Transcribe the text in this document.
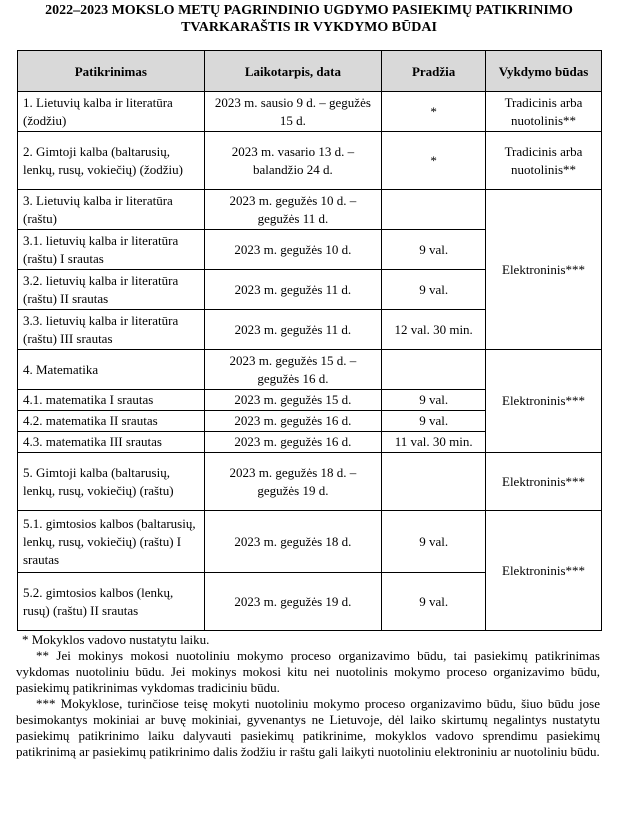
2022–2023 MOKSLO METŲ PAGRINDINIO UGDYMO PASIEKIMŲ PATIKRINIMO
TVARKARAŠTIS IR VYKDYMO BŪDAI
Patikrinimas	Laikotarpis, data	Pradžia	Vykdymo būdas
1. Lietuvių kalba ir literatūra (žodžiu)	2023 m. sausio 9 d. – gegužės 15 d.	*	Tradicinis arba nuotolinis**
2. Gimtoji kalba (baltarusių, lenkų, rusų, vokiečių) (žodžiu)	2023 m. vasario 13 d. – balandžio 24 d.	*	Tradicinis arba nuotolinis**
3. Lietuvių kalba ir literatūra (raštu)	2023 m. gegužės 10 d. – gegužės 11 d.		Elektroninis***
3.1. lietuvių kalba ir literatūra (raštu) I srautas	2023 m. gegužės 10 d.	9 val.	
3.2. lietuvių kalba ir literatūra (raštu) II srautas	2023 m. gegužės 11 d.	9 val.	
3.3. lietuvių kalba ir literatūra (raštu) III srautas	2023 m. gegužės 11 d.	12 val. 30 min.	
4. Matematika	2023 m. gegužės 15 d. – gegužės 16 d.		Elektroninis***
4.1. matematika I srautas	2023 m. gegužės 15 d.	9 val.	
4.2. matematika II srautas	2023 m. gegužės 16 d.	9 val.	
4.3. matematika III srautas	2023 m. gegužės 16 d.	11 val. 30 min.	
5. Gimtoji kalba (baltarusių, lenkų, rusų, vokiečių) (raštu)	2023 m. gegužės 18 d. – gegužės 19 d.		Elektroninis***
5.1. gimtosios kalbos (baltarusių, lenkų, rusų, vokiečių) (raštu) I srautas	2023 m. gegužės 18 d.	9 val.	Elektroninis***
5.2. gimtosios kalbos (lenkų, rusų) (raštu) II srautas	2023 m. gegužės 19 d.	9 val.	

* Mokyklos vadovo nustatytu laiku.

** Jei mokinys mokosi nuotoliniu mokymo proceso organizavimo būdu, tai pasiekimų patikrinimas vykdomas nuotoliniu būdu. Jei mokinys mokosi kitu nei nuotolinis mokymo proceso organizavimo būdu, pasiekimų patikrinimas vykdomas tradiciniu būdu.

*** Mokyklose, turinčiose teisę mokyti nuotoliniu mokymo proceso organizavimo būdu, šiuo būdu jose besimokantys mokiniai ar buvę mokiniai, gyvenantys ne Lietuvoje, dėl laiko skirtumų negalintys nustatytu pasiekimų patikrinimo laiku dalyvauti pasiekimų patikrinime, mokyklos vadovo sprendimu pasiekimų patikrinimą ar pasiekimų patikrinimo dalis žodžiu ir raštu gali laikyti nuotoliniu elektroniniu ar nuotoliniu būdu.
